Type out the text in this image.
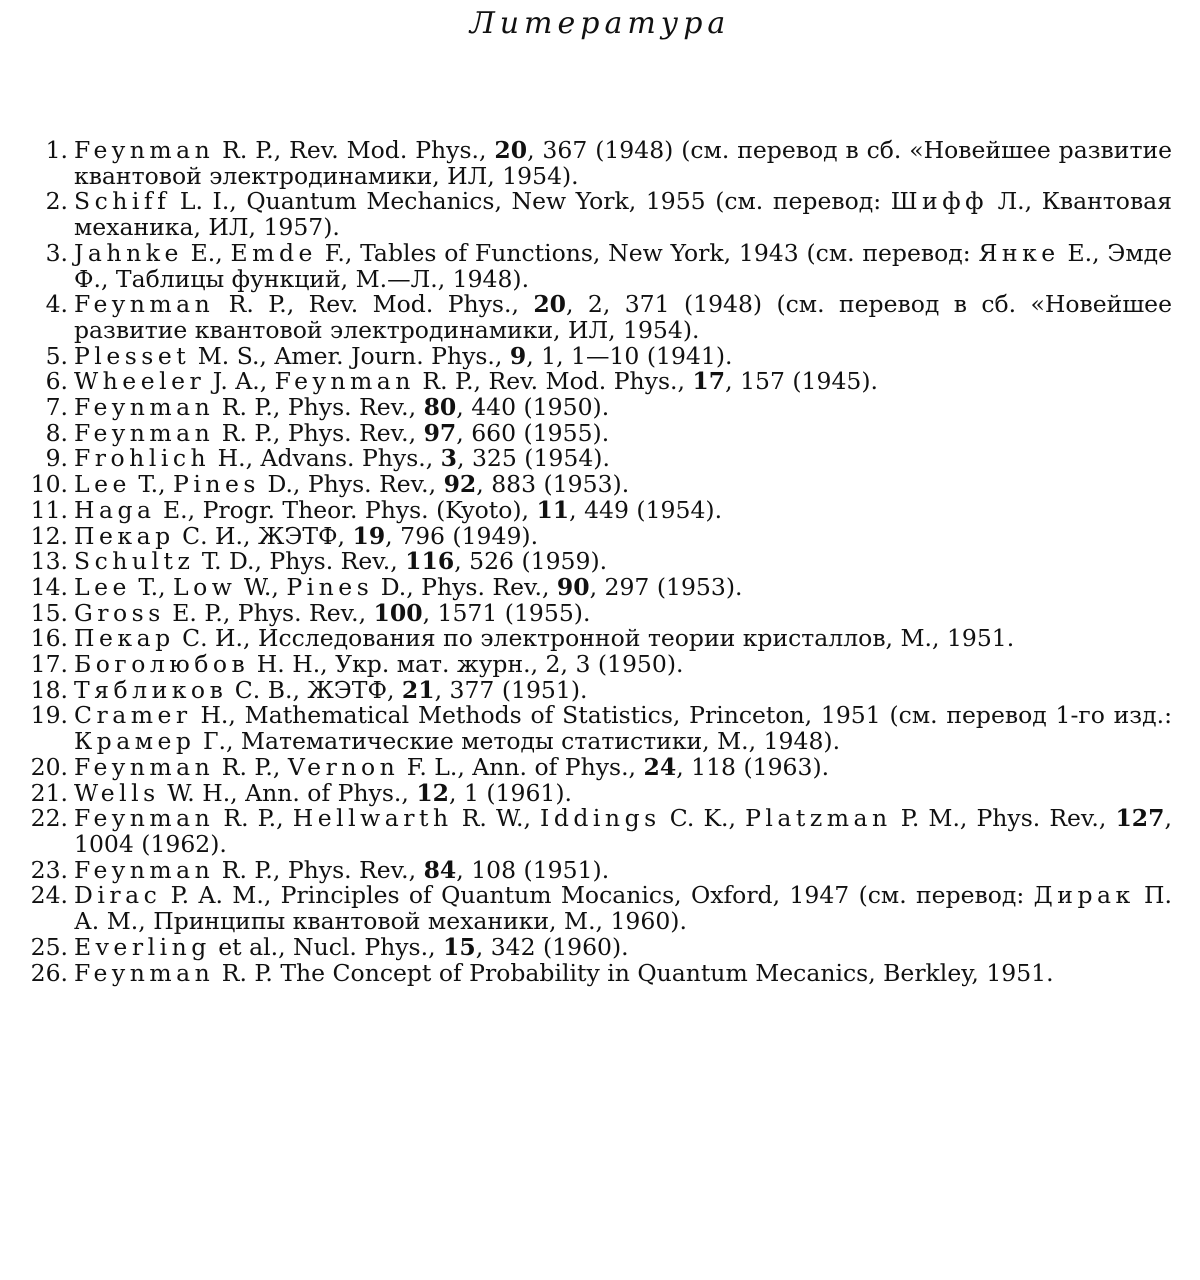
Литература
1. Feynman R. P., Rev. Mod. Phys., 20, 367 (1948) (см. перевод в сб. «Новейшее развитие квантовой электродинамики, ИЛ, 1954).
2. Schiff L. I., Quantum Mechanics, New York, 1955 (см. перевод: Шифф Л., Квантовая механика, ИЛ, 1957).
3. Jahnke E., Emde F., Tables of Functions, New York, 1943 (см. перевод: Янке Е., Эмде Ф., Таблицы функций, М.—Л., 1948).
4. Feynman R. P., Rev. Mod. Phys., 20, 2, 371 (1948) (см. перевод в сб. «Новейшее развитие квантовой электродинамики, ИЛ, 1954).
5. Plesset M. S., Amer. Journ. Phys., 9, 1, 1—10 (1941).
6. Wheeler J. A., Feynman R. P., Rev. Mod. Phys., 17, 157 (1945).
7. Feynman R. P., Phys. Rev., 80, 440 (1950).
8. Feynman R. P., Phys. Rev., 97, 660 (1955).
9. Frohlich H., Advans. Phys., 3, 325 (1954).
10. Lee T., Pines D., Phys. Rev., 92, 883 (1953).
11. Haga E., Progr. Theor. Phys. (Kyoto), 11, 449 (1954).
12. Пекар С. И., ЖЭТФ, 19, 796 (1949).
13. Schultz T. D., Phys. Rev., 116, 526 (1959).
14. Lee T., Low W., Pines D., Phys. Rev., 90, 297 (1953).
15. Gross E. P., Phys. Rev., 100, 1571 (1955).
16. Пекар С. И., Исследования по электронной теории кристаллов, М., 1951.
17. Боголюбов Н. Н., Укр. мат. журн., 2, 3 (1950).
18. Тябликов С. В., ЖЭТФ, 21, 377 (1951).
19. Cramer H., Mathematical Methods of Statistics, Princeton, 1951 (см. перевод 1-го изд.: Крамер Г., Математические методы статистики, М., 1948).
20. Feynman R. P., Vernon F. L., Ann. of Phys., 24, 118 (1963).
21. Wells W. H., Ann. of Phys., 12, 1 (1961).
22. Feynman R. P., Hellwarth R. W., Iddings C. K., Platzman P. M., Phys. Rev., 127, 1004 (1962).
23. Feynman R. P., Phys. Rev., 84, 108 (1951).
24. Dirac P. A. M., Principles of Quantum Mocanics, Oxford, 1947 (см. перевод: Дирак П. А. М., Принципы квантовой механики, М., 1960).
25. Everling et al., Nucl. Phys., 15, 342 (1960).
26. Feynman R. P. The Concept of Probability in Quantum Mecanics, Berkley, 1951.
